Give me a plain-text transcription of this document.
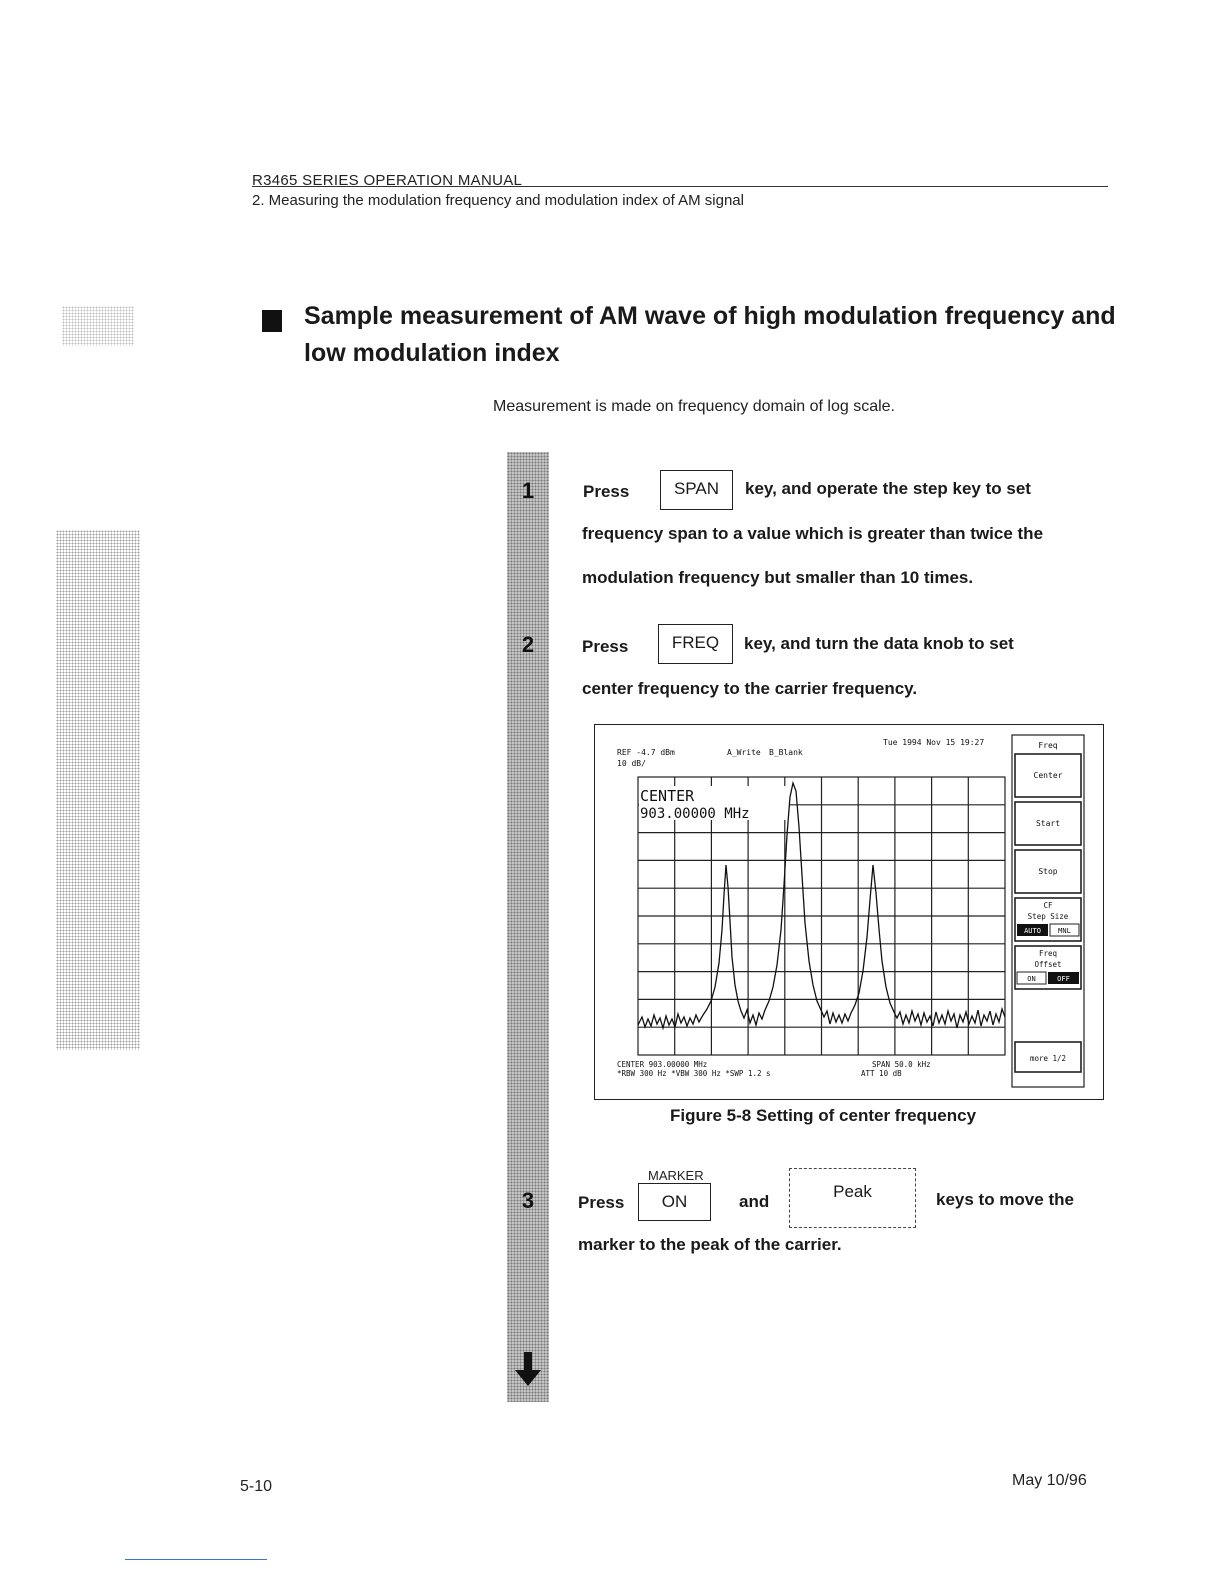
R3465 SERIES OPERATION MANUAL
2. Measuring the modulation frequency and modulation index of AM signal
Sample measurement of AM wave of high modulation frequency and low modulation index
Measurement is made on frequency domain of log scale.
1
2
3
Press	SPAN	key, and operate the step key to set
frequency span to a value which is greater than twice the
modulation frequency but smaller than 10 times.
Press	FREQ	key, and turn the data knob to set
center frequency to the carrier frequency.
Tue 1994 Nov 15 19:27
REF -4.7 dBm
10 dB/
A_Write B_Blank
CENTER
903.00000 MHz
CENTER 903.00000 MHz
*RBW 300 Hz *VBW 300 Hz *SWP 1.2 s
SPAN 50.0 kHz
ATT 10 dB
Freq
Center
Start
Stop
CF
Step Size
AUTO MNL
Freq
Offset
ON	OFF
more 1/2
Figure 5-8 Setting of center frequency
MARKER
Press	ON	and
Peak	keys to move the
marker to the peak of the carrier.
5-10	May 10/96
